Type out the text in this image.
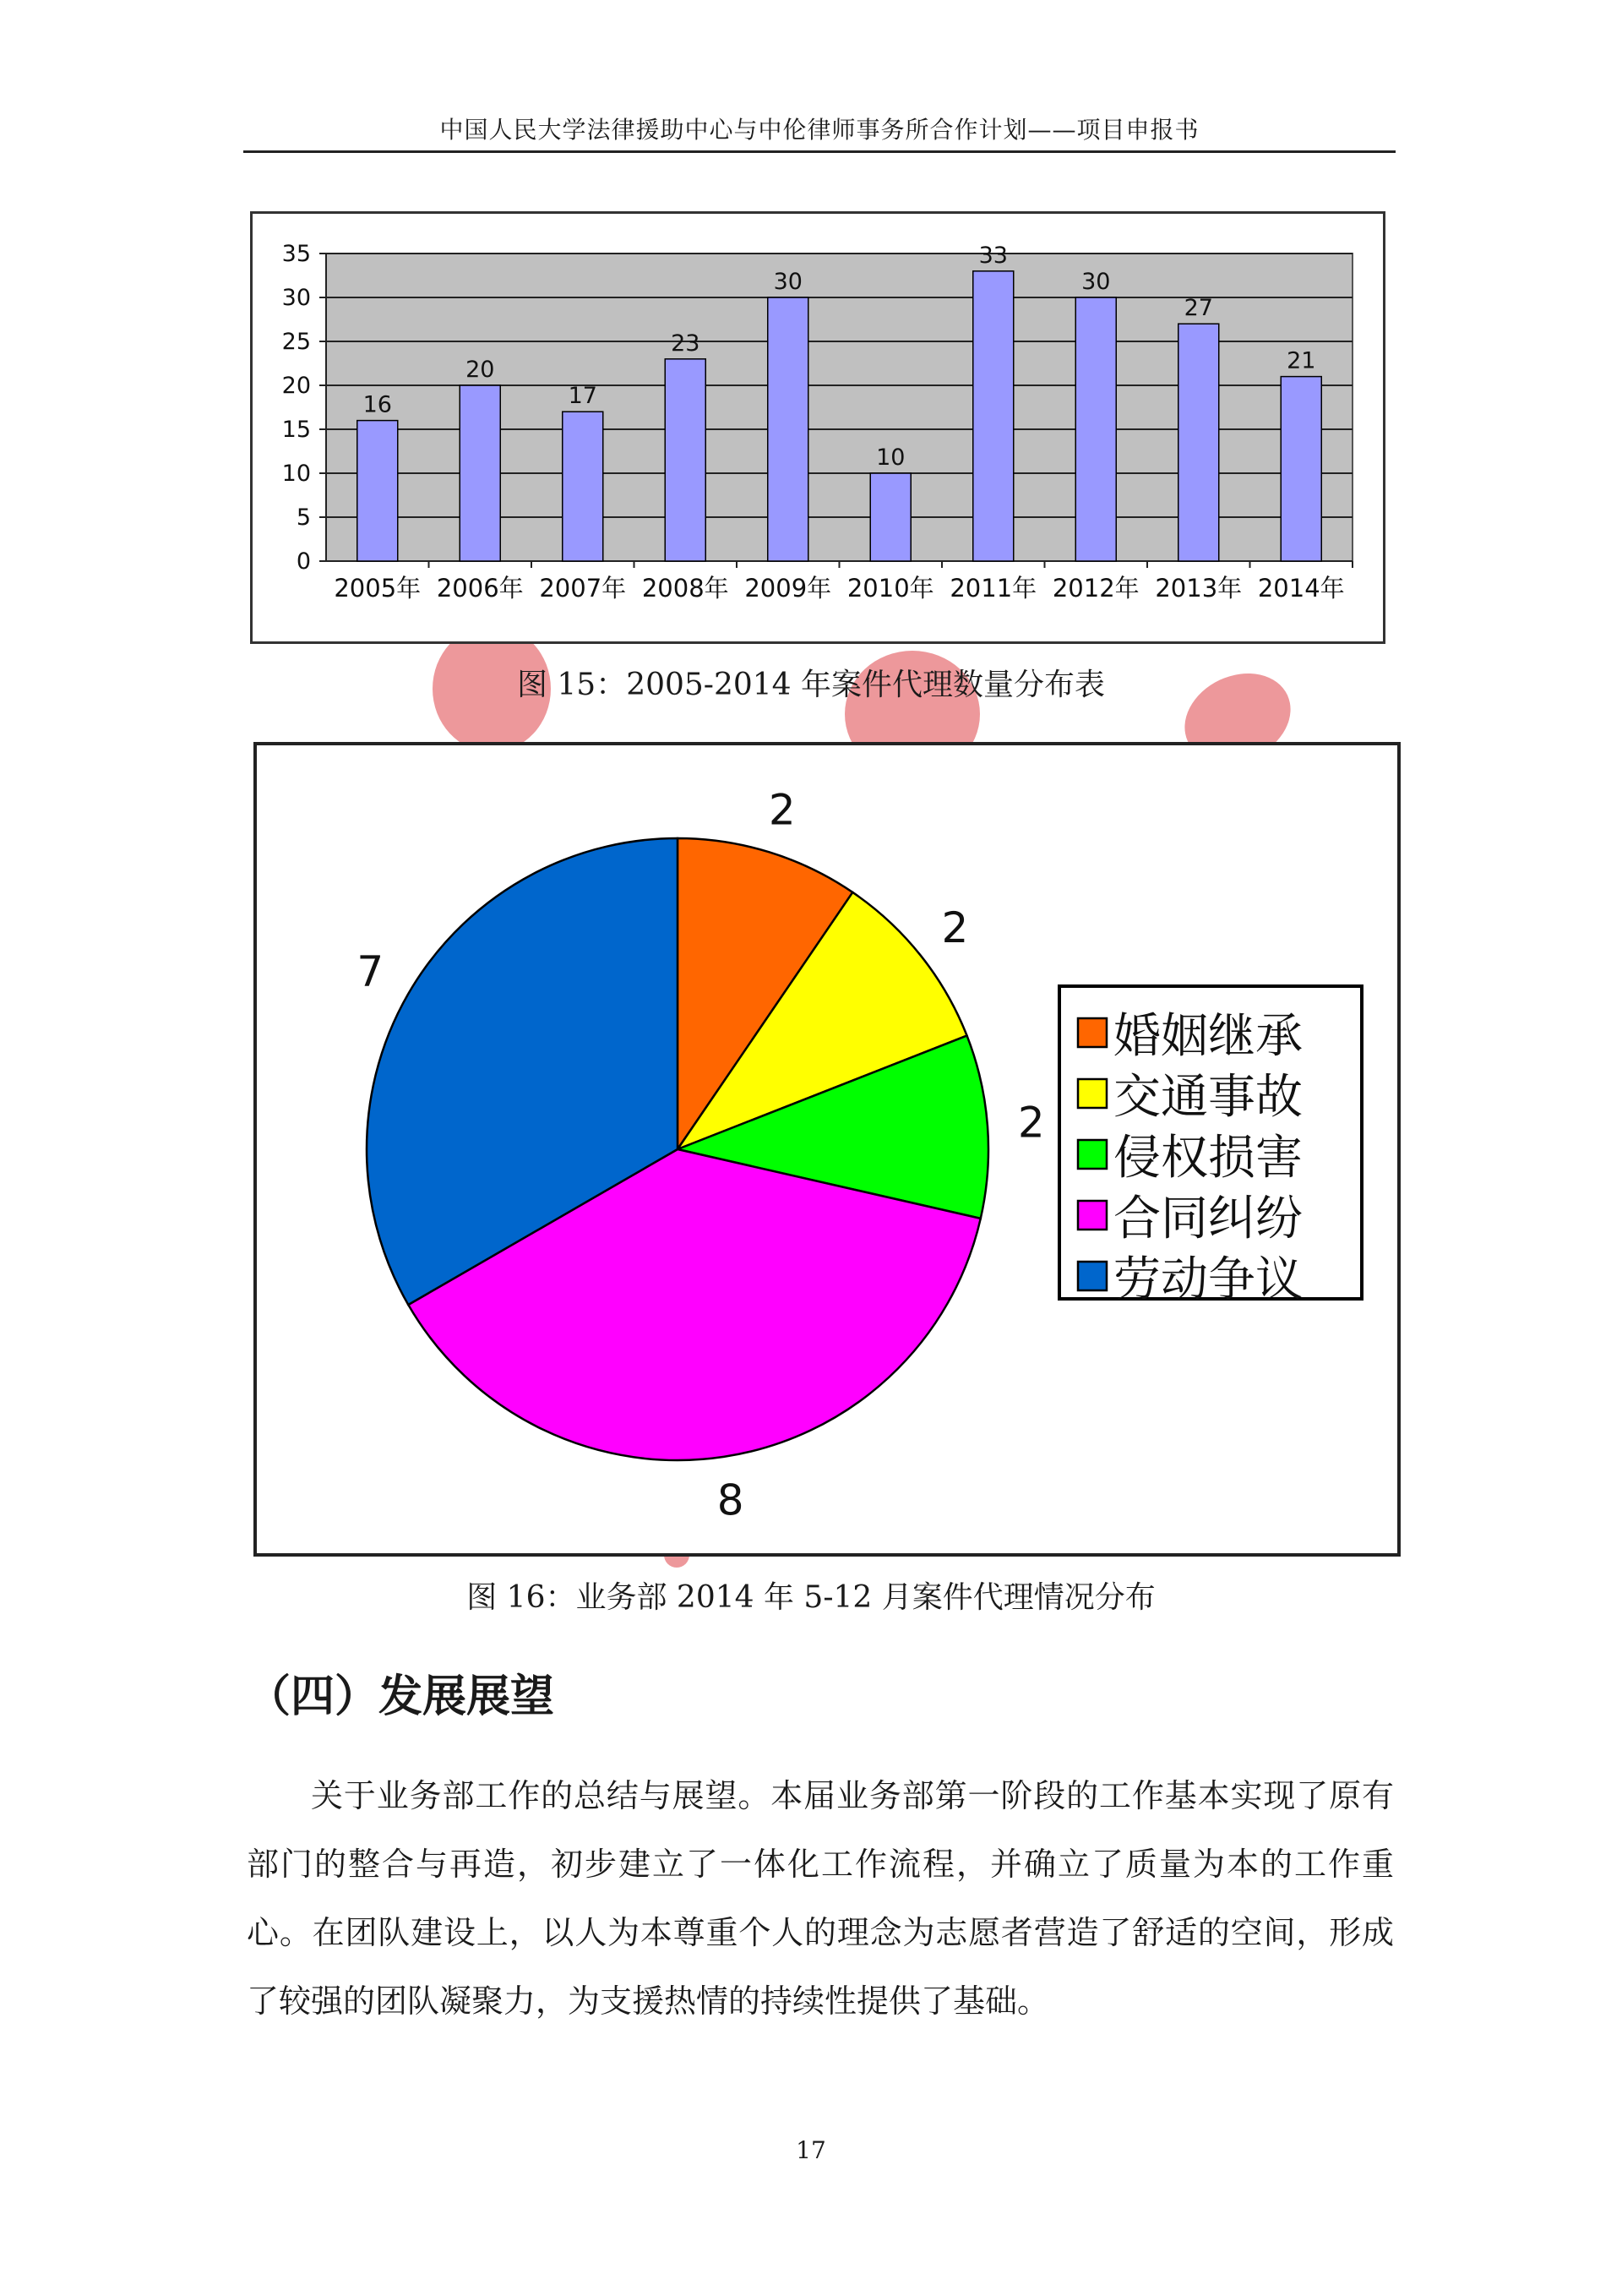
中国人民大学法律援助中心与中伦律师事务所合作计划——项目申报书
0
5
10
15
20
25
30
35
16
2005年
20
2006年
17
2007年
23
2008年
30
2009年
10
2010年
33
2011年
30
2012年
27
2013年
21
2014年
图 15：2005-2014 年案件代理数量分布表
2
2
2
8
7
婚姻继承
交通事故
侵权损害
合同纠纷
劳动争议
图 16：业务部 2014 年 5-12 月案件代理情况分布
（四）发展展望
关于业务部工作的总结与展望。本届业务部第一阶段的工作基本实现了原有部门的整合与再造，初步建立了一体化工作流程，并确立了质量为本的工作重心。在团队建设上，以人为本尊重个人的理念为志愿者营造了舒适的空间，形成了较强的团队凝聚力，为支援热情的持续性提供了基础。
17
